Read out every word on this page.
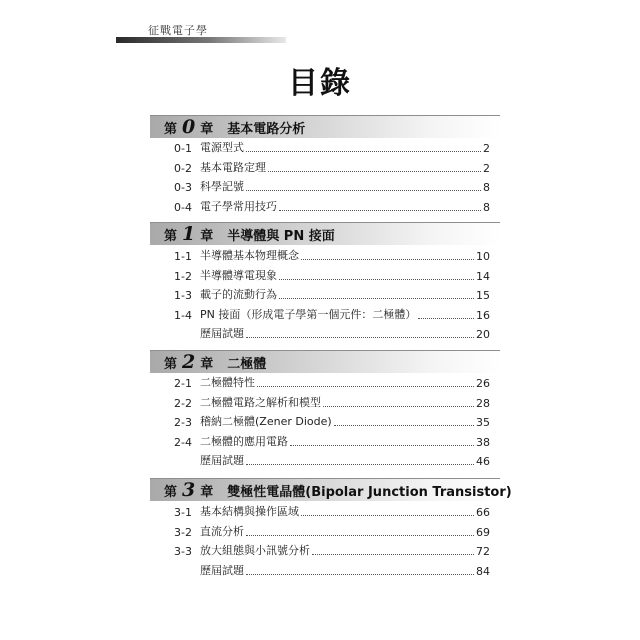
征戰電子學
目錄
第 0 章 基本電路分析
0-1 電源型式	2
0-2 基本電路定理	2
0-3 科學記號	8
0-4 電子學常用技巧	8
第 1 章 半導體與 PN 接面
1-1 半導體基本物理概念	10
1-2 半導體導電現象	14
1-3 載子的流動行為	15
1-4 PN 接面（形成電子學第一個元件：二極體）	16
歷屆試題	20
第 2 章 二極體
2-1 二極體特性	26
2-2 二極體電路之解析和模型	28
2-3 稽納二極體(Zener Diode)	35
2-4 二極體的應用電路	38
歷屆試題	46
第 3 章 雙極性電晶體(Bipolar Junction Transistor)
3-1 基本結構與操作區域	66
3-2 直流分析	69
3-3 放大組態與小訊號分析	72
歷屆試題	84
